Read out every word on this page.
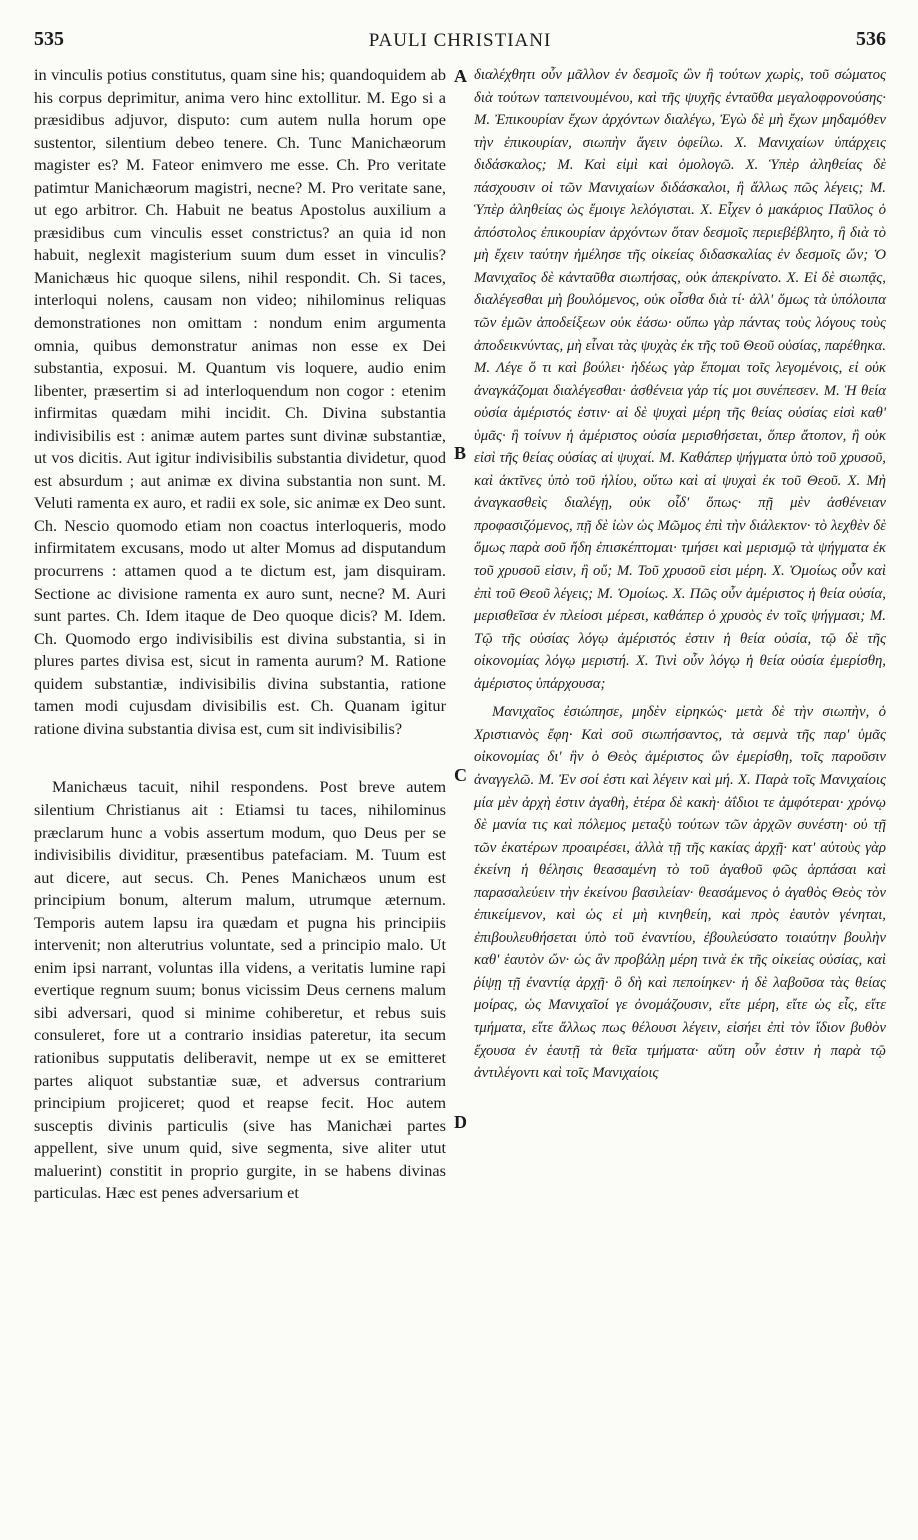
535	PAULI CHRISTIANI	536

in vinculis potius constitutus, quam sine his; quandoquidem ab his corpus deprimitur, anima vero hinc extollitur. M. Ego si a præsidibus adjuvor, disputo: cum autem nulla horum ope sustentor, silentium debeo tenere. Ch. Tunc Manichæorum magister es? M. Fateor enimvero me esse. Ch. Pro veritate patimtur Manichæorum magistri, necne? M. Pro veritate sane, ut ego arbitror. Ch. Habuit ne beatus Apostolus auxilium a præsidibus cum vinculis esset constrictus? an quia id non habuit, neglexit magisterium suum dum esset in vinculis? Manichæus hic quoque silens, nihil respondit. Ch. Si taces, interloqui nolens, causam non video; nihilominus reliquas demonstrationes non omittam : nondum enim argumenta omnia, quibus demonstratur animas non esse ex Dei substantia, exposui. M. Quantum vis loquere, audio enim libenter, præsertim si ad interloquendum non cogor : etenim infirmitas quædam mihi incidit. Ch. Divina substantia indivisibilis est : animæ autem partes sunt divinæ substantiæ, ut vos dicitis. Aut igitur indivisibilis substantia dividetur, quod est absurdum ; aut animæ ex divina substantia non sunt. M. Veluti ramenta ex auro, et radii ex sole, sic animæ ex Deo sunt. Ch. Nescio quomodo etiam non coactus interloqueris, modo infirmitatem excusans, modo ut alter Momus ad disputandum procurrens : attamen quod a te dictum est, jam disquiram. Sectione ac divisione ramenta ex auro sunt, necne? M. Auri sunt partes. Ch. Idem itaque de Deo quoque dicis? M. Idem. Ch. Quomodo ergo indivisibilis est divina substantia, si in plures partes divisa est, sicut in ramenta aurum? M. Ratione quidem substantiæ, indivisibilis divina substantia, ratione tamen modi cujusdam divisibilis est. Ch. Quanam igitur ratione divina substantia divisa est, cum sit indivisibilis?

Manichæus tacuit, nihil respondens. Post breve autem silentium Christianus ait : Etiamsi tu taces, nihilominus præclarum hunc a vobis assertum modum, quo Deus per se indivisibilis dividitur, præsentibus patefaciam. M. Tuum est aut dicere, aut secus. Ch. Penes Manichæos unum est principium bonum, alterum malum, utrumque æternum. Temporis autem lapsu ira quædam et pugna his principiis intervenit; non alterutrius voluntate, sed a principio malo. Ut enim ipsi narrant, voluntas illa videns, a veritatis lumine rapi evertique regnum suum; bonus vicissim Deus cernens malum sibi adversari, quod si minime cohiberetur, et rebus suis consuleret, fore ut a contrario insidias pateretur, ita secum rationibus supputatis deliberavit, nempe ut ex se emitteret partes aliquot substantiæ suæ, et adversus contrarium principium projiceret; quod et reapse fecit. Hoc autem susceptis divinis particulis (sive has Manichæi partes appellent, sive unum quid, sive segmenta, sive aliter utut maluerint) constitit in proprio gurgite, in se habens divinas particulas. Hæc est penes adversarium et

A
B
C
D

διαλέχθητι οὖν μᾶλλον ἐν δεσμοῖς ὢν ἢ τούτων χωρὶς, τοῦ σώματος διὰ τούτων ταπεινουμένου, καὶ τῆς ψυχῆς ἐνταῦθα μεγαλοφρονούσης· Μ. Ἐπικουρίαν ἔχων ἀρχόντων διαλέγω, Ἐγὼ δὲ μὴ ἔχων μηδαμόθεν τὴν ἐπικουρίαν, σιωπὴν ἄγειν ὀφείλω. Χ. Μανιχαίων ὑπάρχεις διδάσκαλος; Μ. Καὶ εἰμὶ καὶ ὁμολογῶ. Χ. Ὑπὲρ ἀληθείας δὲ πάσχουσιν οἱ τῶν Μανιχαίων διδάσκαλοι, ἢ ἄλλως πῶς λέγεις; Μ. Ὑπὲρ ἀληθείας ὡς ἔμοιγε λελόγισται. Χ. Εἶχεν ὁ μακάριος Παῦλος ὁ ἀπόστολος ἐπικουρίαν ἀρχόντων ὅταν δεσμοῖς περιεβέβλητο, ἢ διὰ τὸ μὴ ἔχειν ταύτην ἠμέλησε τῆς οἰκείας διδασκαλίας ἐν δεσμοῖς ὤν; Ὁ Μανιχαῖος δὲ κἀνταῦθα σιωπήσας, οὐκ ἀπεκρίνατο. Χ. Εἰ δὲ σιωπᾷς, διαλέγεσθαι μὴ βουλόμενος, οὐκ οἶσθα διὰ τί· ἀλλ' ὅμως τὰ ὑπόλοιπα τῶν ἐμῶν ἀποδείξεων οὐκ ἐάσω· οὔπω γὰρ πάντας τοὺς λόγους τοὺς ἀποδεικνύντας, μὴ εἶναι τὰς ψυχὰς ἐκ τῆς τοῦ Θεοῦ οὐσίας, παρέθηκα. Μ. Λέγε ὅ τι καὶ βούλει· ἡδέως γὰρ ἕπομαι τοῖς λεγομένοις, εἰ οὐκ ἀναγκάζομαι διαλέγεσθαι· ἀσθένεια γάρ τίς μοι συνέπεσεν. Μ. Ἡ θεία οὐσία ἀμέριστός ἐστιν· αἱ δὲ ψυχαὶ μέρη τῆς θείας οὐσίας εἰσὶ καθ' ὑμᾶς· ἢ τοίνυν ἡ ἀμέριστος οὐσία μερισθήσεται, ὅπερ ἄτοπον, ἢ οὐκ εἰσὶ τῆς θείας οὐσίας αἱ ψυχαί. Μ. Καθάπερ ψήγματα ὑπὸ τοῦ χρυσοῦ, καὶ ἀκτῖνες ὑπὸ τοῦ ἡλίου, οὕτω καὶ αἱ ψυχαὶ ἐκ τοῦ Θεοῦ. Χ. Μὴ ἀναγκασθεὶς διαλέγῃ, οὐκ οἶδ' ὅπως· πῇ μὲν ἀσθένειαν προφασιζόμενος, πῇ δὲ ἰὼν ὡς Μῶμος ἐπὶ τὴν διάλεκτον· τὸ λεχθὲν δὲ ὅμως παρὰ σοῦ ἤδη ἐπισκέπτομαι· τμήσει καὶ μερισμῷ τὰ ψήγματα ἐκ τοῦ χρυσοῦ εἰσιν, ἢ οὔ; Μ. Τοῦ χρυσοῦ εἰσι μέρη. Χ. Ὁμοίως οὖν καὶ ἐπὶ τοῦ Θεοῦ λέγεις; Μ. Ὁμοίως. Χ. Πῶς οὖν ἀμέριστος ἡ θεία οὐσία, μερισθεῖσα ἐν πλείοσι μέρεσι, καθάπερ ὁ χρυσὸς ἐν τοῖς ψήγμασι; Μ. Τῷ τῆς οὐσίας λόγῳ ἀμέριστός ἐστιν ἡ θεία οὐσία, τῷ δὲ τῆς οἰκονομίας λόγῳ μεριστή. Χ. Τινὶ οὖν λόγῳ ἡ θεία οὐσία ἐμερίσθη, ἀμέριστος ὑπάρχουσα;

Μανιχαῖος ἐσιώπησε, μηδὲν εἰρηκώς· μετὰ δὲ τὴν σιωπὴν, ὁ Χριστιανὸς ἔφη· Καὶ σοῦ σιωπήσαντος, τὰ σεμνὰ τῆς παρ' ὑμᾶς οἰκονομίας δι' ἣν ὁ Θεὸς ἀμέριστος ὢν ἐμερίσθη, τοῖς παροῦσιν ἀναγγελῶ. Μ. Ἐν σοί ἐστι καὶ λέγειν καὶ μή. Χ. Παρὰ τοῖς Μανιχαίοις μία μὲν ἀρχὴ ἐστιν ἀγαθὴ, ἑτέρα δὲ κακὴ· ἀΐδιοι τε ἀμφότεραι· χρόνῳ δὲ μανία τις καὶ πόλεμος μεταξὺ τούτων τῶν ἀρχῶν συνέστη· οὐ τῇ τῶν ἑκατέρων προαιρέσει, ἀλλὰ τῇ τῆς κακίας ἀρχῇ· κατ' αὐτοὺς γὰρ ἐκείνη ἡ θέλησις θεασαμένη τὸ τοῦ ἀγαθοῦ φῶς ἁρπάσαι καὶ παρασαλεύειν τὴν ἐκείνου βασιλείαν· θεασάμενος ὁ ἀγαθὸς Θεὸς τὸν ἐπικείμενον, καὶ ὡς εἰ μὴ κινηθείη, καὶ πρὸς ἑαυτὸν γένηται, ἐπιβουλευθήσεται ὑπὸ τοῦ ἐναντίου, ἐβουλεύσατο τοιαύτην βουλὴν καθ' ἑαυτὸν ὤν· ὡς ἂν προβάλῃ μέρη τινὰ ἐκ τῆς οἰκείας οὐσίας, καὶ ῥίψῃ τῇ ἐναντίᾳ ἀρχῇ· ὃ δὴ καὶ πεποίηκεν· ἡ δὲ λαβοῦσα τὰς θείας μοίρας, ὡς Μανιχαῖοί γε ὀνομάζουσιν, εἴτε μέρη, εἴτε ὡς εἷς, εἴτε τμήματα, εἴτε ἄλλως πως θέλουσι λέγειν, εἰσήει ἐπὶ τὸν ἴδιον βυθὸν ἔχουσα ἐν ἑαυτῇ τὰ θεῖα τμήματα· αὕτη οὖν ἐστιν ἡ παρὰ τῷ ἀντιλέγοντι καὶ τοῖς Μανιχαίοις
